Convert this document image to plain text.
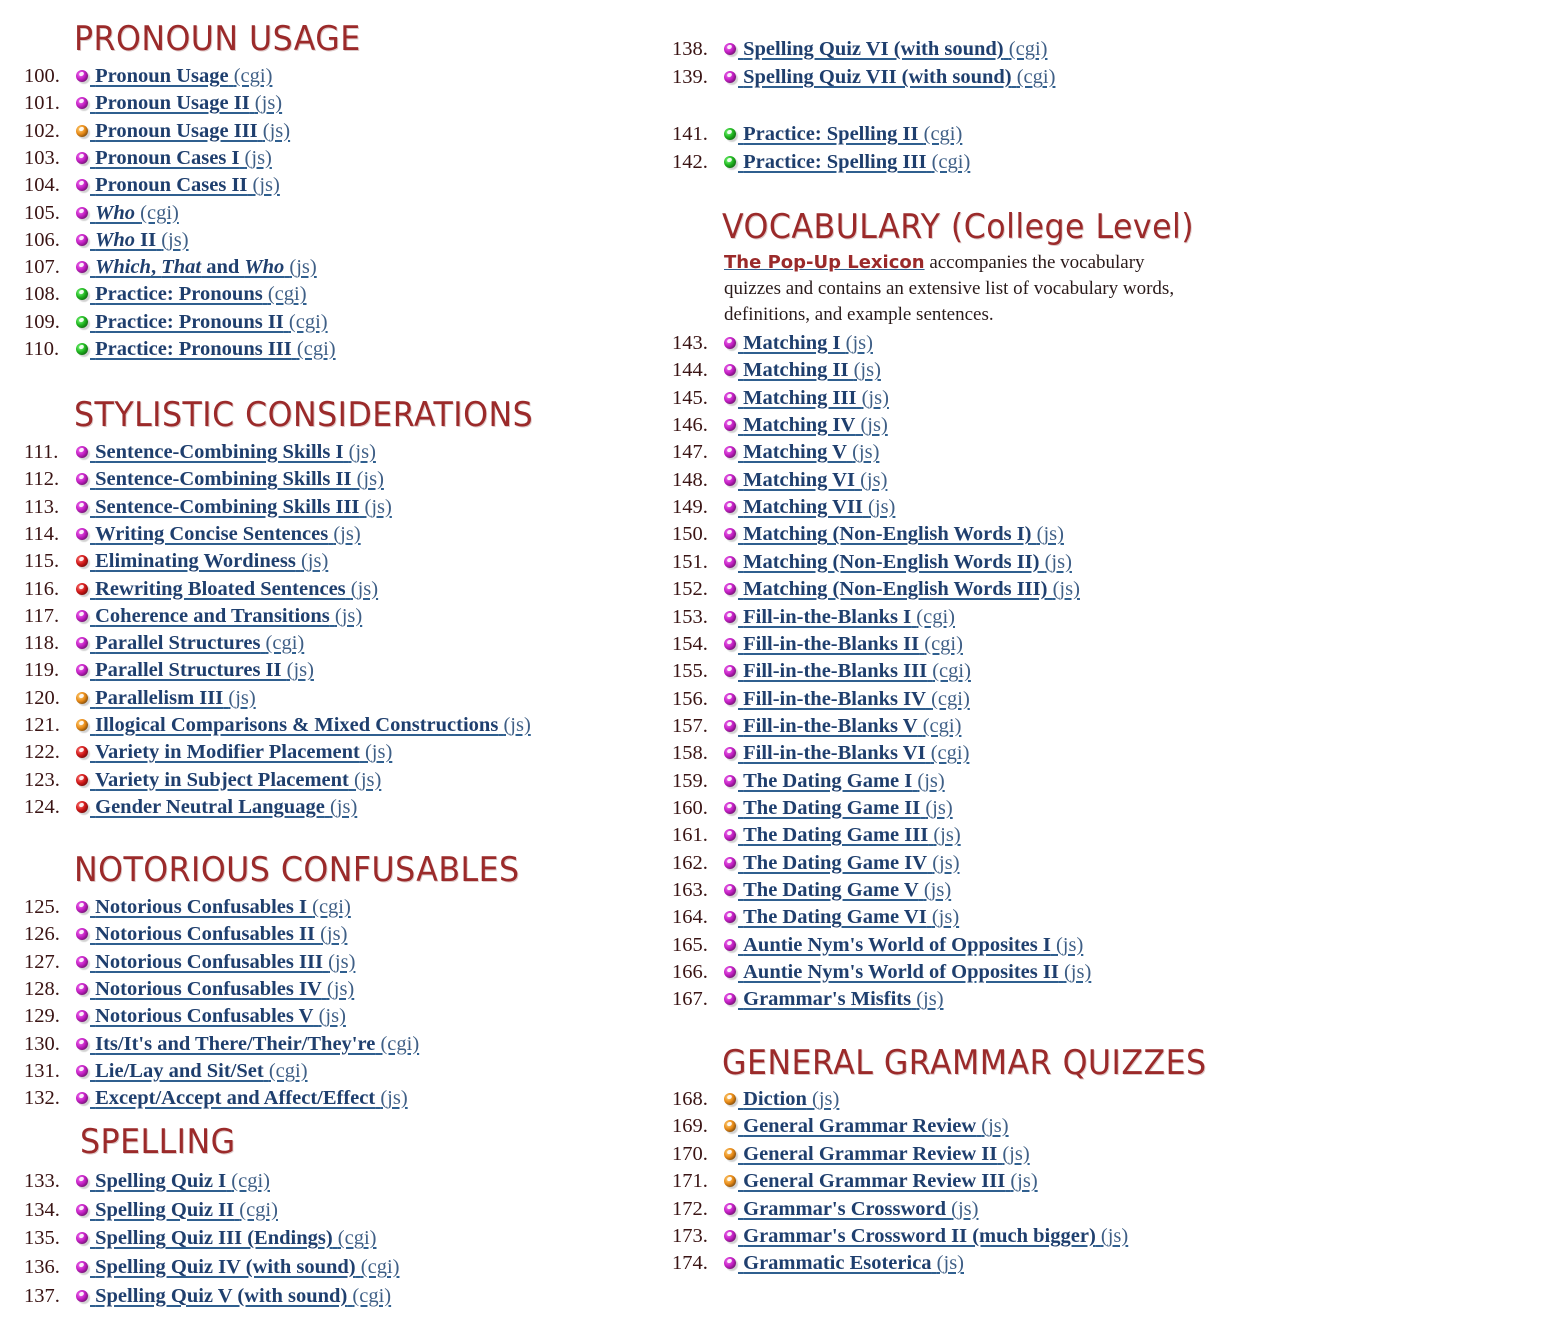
PRONOUN USAGE
100.	Pronoun Usage (cgi)
101.	Pronoun Usage II (js)
102.	Pronoun Usage III (js)
103.	Pronoun Cases I (js)
104.	Pronoun Cases II (js)
105.	Who (cgi)
106.	Who II (js)
107.	Which, That and Who (js)
108.	Practice: Pronouns (cgi)
109.	Practice: Pronouns II (cgi)
110.	Practice: Pronouns III (cgi)
STYLISTIC CONSIDERATIONS
111.	Sentence-Combining Skills I (js)
112.	Sentence-Combining Skills II (js)
113.	Sentence-Combining Skills III (js)
114.	Writing Concise Sentences (js)
115.	Eliminating Wordiness (js)
116.	Rewriting Bloated Sentences (js)
117.	Coherence and Transitions (js)
118.	Parallel Structures (cgi)
119.	Parallel Structures II (js)
120.	Parallelism III (js)
121.	Illogical Comparisons & Mixed Constructions (js)
122.	Variety in Modifier Placement (js)
123.	Variety in Subject Placement (js)
124.	Gender Neutral Language (js)
NOTORIOUS CONFUSABLES
125.	Notorious Confusables I (cgi)
126.	Notorious Confusables II (js)
127.	Notorious Confusables III (js)
128.	Notorious Confusables IV (js)
129.	Notorious Confusables V (js)
130.	Its/It's and There/Their/They're (cgi)
131.	Lie/Lay and Sit/Set (cgi)
132.	Except/Accept and Affect/Effect (js)
SPELLING
133.	Spelling Quiz I (cgi)
134.	Spelling Quiz II (cgi)
135.	Spelling Quiz III (Endings) (cgi)
136.	Spelling Quiz IV (with sound) (cgi)
137.	Spelling Quiz V (with sound) (cgi)
138.	Spelling Quiz VI (with sound) (cgi)
139.	Spelling Quiz VII (with sound) (cgi)

141.	Practice: Spelling II (cgi)
142.	Practice: Spelling III (cgi)
VOCABULARY (College Level)
The Pop-Up Lexicon accompanies the vocabulary quizzes and contains an extensive list of vocabulary words, definitions, and example sentences.
143.	Matching I (js)
144.	Matching II (js)
145.	Matching III (js)
146.	Matching IV (js)
147.	Matching V (js)
148.	Matching VI (js)
149.	Matching VII (js)
150.	Matching (Non-English Words I) (js)
151.	Matching (Non-English Words II) (js)
152.	Matching (Non-English Words III) (js)
153.	Fill-in-the-Blanks I (cgi)
154.	Fill-in-the-Blanks II (cgi)
155.	Fill-in-the-Blanks III (cgi)
156.	Fill-in-the-Blanks IV (cgi)
157.	Fill-in-the-Blanks V (cgi)
158.	Fill-in-the-Blanks VI (cgi)
159.	The Dating Game I (js)
160.	The Dating Game II (js)
161.	The Dating Game III (js)
162.	The Dating Game IV (js)
163.	The Dating Game V (js)
164.	The Dating Game VI (js)
165.	Auntie Nym's World of Opposites I (js)
166.	Auntie Nym's World of Opposites II (js)
167.	Grammar's Misfits (js)
GENERAL GRAMMAR QUIZZES
168.	Diction (js)
169.	General Grammar Review (js)
170.	General Grammar Review II (js)
171.	General Grammar Review III (js)
172.	Grammar's Crossword (js)
173.	Grammar's Crossword II (much bigger) (js)
174.	Grammatic Esoterica (js)
